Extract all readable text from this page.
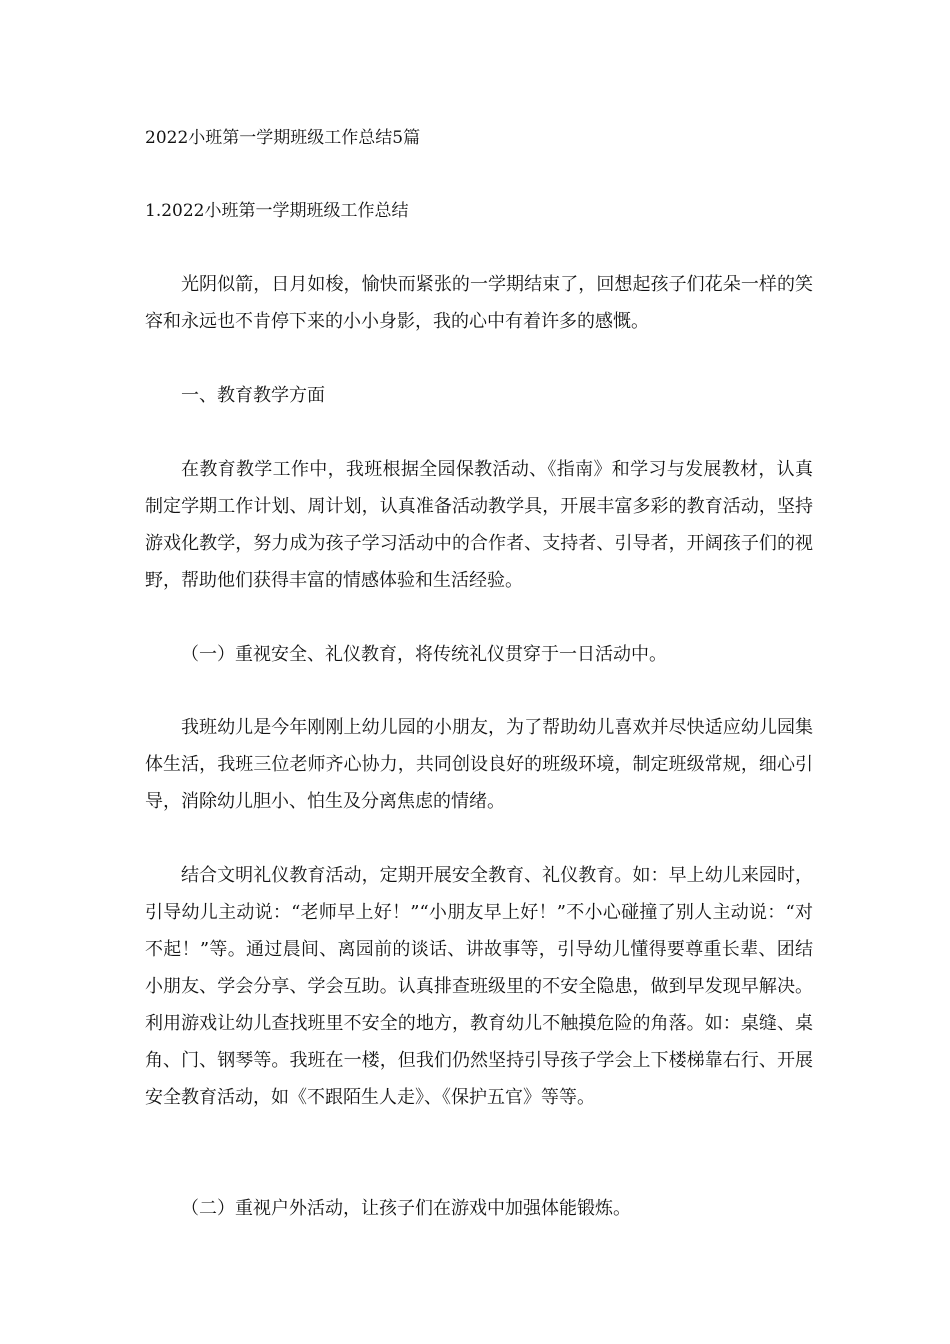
2022小班第一学期班级工作总结5篇
1.2022小班第一学期班级工作总结
光阴似箭，日月如梭，愉快而紧张的一学期结束了，回想起孩子们花朵一样的笑容和永远也不肯停下来的小小身影，我的心中有着许多的感慨。
一、教育教学方面
在教育教学工作中，我班根据全园保教活动、《指南》和学习与发展教材，认真制定学期工作计划、周计划，认真准备活动教学具，开展丰富多彩的教育活动，坚持游戏化教学，努力成为孩子学习活动中的合作者、支持者、引导者，开阔孩子们的视野，帮助他们获得丰富的情感体验和生活经验。
（一）重视安全、礼仪教育，将传统礼仪贯穿于一日活动中。
我班幼儿是今年刚刚上幼儿园的小朋友，为了帮助幼儿喜欢并尽快适应幼儿园集体生活，我班三位老师齐心协力，共同创设良好的班级环境，制定班级常规，细心引导，消除幼儿胆小、怕生及分离焦虑的情绪。
结合文明礼仪教育活动，定期开展安全教育、礼仪教育。如：早上幼儿来园时，引导幼儿主动说：“老师早上好！”“小朋友早上好！”不小心碰撞了别人主动说：“对不起！”等。通过晨间、离园前的谈话、讲故事等，引导幼儿懂得要尊重长辈、团结小朋友、学会分享、学会互助。认真排查班级里的不安全隐患，做到早发现早解决。利用游戏让幼儿查找班里不安全的地方，教育幼儿不触摸危险的角落。如：桌缝、桌角、门、钢琴等。我班在一楼，但我们仍然坚持引导孩子学会上下楼梯靠右行、开展安全教育活动，如《不跟陌生人走》、《保护五官》等等。
（二）重视户外活动，让孩子们在游戏中加强体能锻炼。
